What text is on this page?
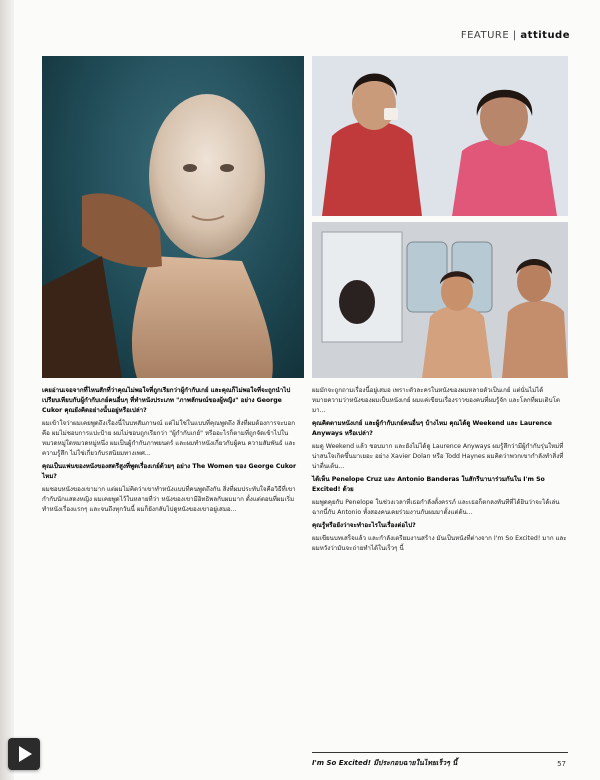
FEATURE | attitude

เคยอ่านเจอจากที่ไหนสักที่ว่าคุณไม่พอใจที่ถูกเรียกว่าผู้กำกับเกย์ และคุณก็ไม่พอใจที่จะถูกนำไปเปรียบเทียบกับผู้กำกับเกย์คนอื่นๆ ที่ทำหนังประเภท "ภาพลักษณ์ของผู้หญิง" อย่าง George Cukor คุณยังคิดอย่างนั้นอยู่หรือเปล่า?

ผมเข้าใจว่าผมเคยพูดถึงเรื่องนี้ในบทสัมภาษณ์ แต่ไม่ใช่ในแบบที่คุณพูดถึง สิ่งที่ผมต้องการจะบอกคือ ผมไม่ชอบการแปะป้าย ผมไม่ชอบถูกเรียกว่า "ผู้กำกับเกย์" หรืออะไรก็ตามที่ถูกจัดเข้าไปในหมวดหมู่ใดหมวดหมู่หนึ่ง ผมเป็นผู้กำกับภาพยนตร์ และผมทำหนังเกี่ยวกับผู้คน ความสัมพันธ์ และความรู้สึก ไม่ใช่เกี่ยวกับรสนิยมทางเพศ...

คุณเป็นแฟนของหนังของสตรีสูงที่พูดเรื่องเกย์ด้วยๆ อย่าง The Women ของ George Cukor ไหม?

ผมชอบหนังของเขามาก แต่ผมไม่คิดว่าเขาทำหนังแบบที่คนพูดถึงกัน สิ่งที่ผมประทับใจคือวิธีที่เขากำกับนักแสดงหญิง ผมเคยพูดไว้ในหลายที่ว่า หนังของเขามีอิทธิพลกับผมมาก ตั้งแต่ตอนที่ผมเริ่มทำหนังเรื่องแรกๆ และจนถึงทุกวันนี้ ผมก็ยังกลับไปดูหนังของเขาอยู่เสมอ...

ผมมักจะถูกถามเรื่องนี้อยู่เสมอ เพราะตัวละครในหนังของผมหลายตัวเป็นเกย์ แต่นั่นไม่ได้หมายความว่าหนังของผมเป็นหนังเกย์ ผมแค่เขียนเรื่องราวของคนที่ผมรู้จัก และโลกที่ผมเติบโตมา...

คุณคิดตามหนังเกย์ และผู้กำกับเกย์คนอื่นๆ บ้างไหม คุณได้ดู Weekend และ Laurence Anyways หรือเปล่า?

ผมดู Weekend แล้ว ชอบมาก และยังไม่ได้ดู Laurence Anyways ผมรู้สึกว่ามีผู้กำกับรุ่นใหม่ที่น่าสนใจเกิดขึ้นมาเยอะ อย่าง Xavier Dolan หรือ Todd Haynes ผมคิดว่าพวกเขากำลังทำสิ่งที่น่าตื่นเต้น...

ได้เห็น Penelope Cruz และ Antonio Banderas ในสักรีนานาร่วมกันใน I'm So Excited! ด้วย

ผมพูดคุยกับ Penelope ในช่วงเวลาที่เธอกำลังตั้งครรภ์ และเธอก็ตกลงทันทีที่ได้ยินว่าจะได้เล่นฉากนี้กับ Antonio ทั้งสองคนเคยร่วมงานกับผมมาตั้งแต่ต้น...

คุณรู้หรือยังว่าจะทำอะไรในเรื่องต่อไป?

ผมเขียนบทเสร็จแล้ว และกำลังเตรียมงานสร้าง มันเป็นหนังที่ต่างจาก I'm So Excited! มาก และผมหวังว่ามันจะถ่ายทำได้ในเร็วๆ นี้

I'm So Excited! มีประกอบฉายในไทยเร็วๆ นี้	57
